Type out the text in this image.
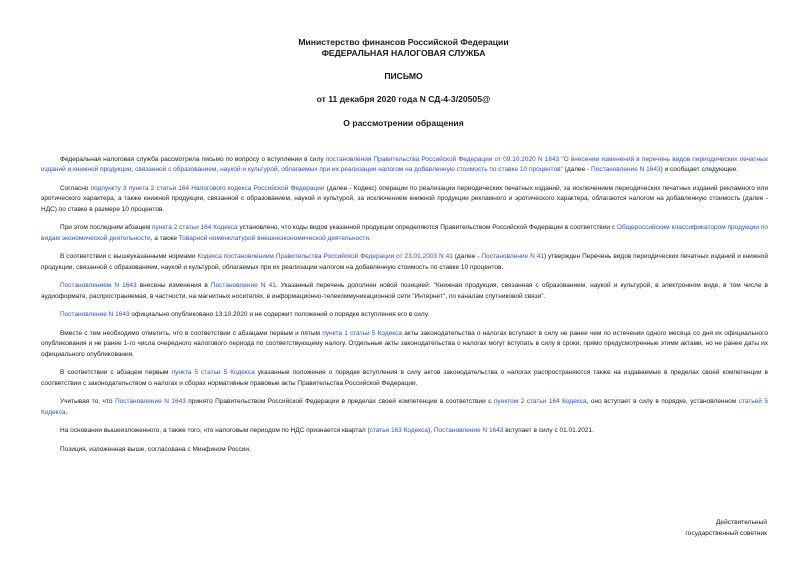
Министерство финансов Российской Федерации
ФЕДЕРАЛЬНАЯ НАЛОГОВАЯ СЛУЖБА
ПИСЬМО
от 11 декабря 2020 года N СД-4-3/20505@
О рассмотрении обращения

Федеральная налоговая служба рассмотрела письмо по вопросу о вступлении в силу постановления Правительства Российской Федерации от 09.10.2020 N 1643 "О внесении изменений в перечень видов периодических печатных изданий и книжной продукции, связанной с образованием, наукой и культурой, облагаемых при их реализации налогом на добавленную стоимость по ставке 10 процентов" (далее - Постановление N 1643) и сообщает следующее.

Согласно подпункту 3 пункта 2 статьи 164 Налогового кодекса Российской Федерации (далее - Кодекс) операции по реализации периодических печатных изданий, за исключением периодических печатных изданий рекламного или эротического характера, а также книжной продукции, связанной с образованием, наукой и культурой, за исключением книжной продукции рекламного и эротического характера, облагаются налогом на добавленную стоимость (далее - НДС) по ставке в размере 10 процентов.

При этом последним абзацем пункта 2 статьи 164 Кодекса установлено, что коды видов указанной продукции определяются Правительством Российской Федерации в соответствии с Общероссийским классификатором продукции по видам экономической деятельности, а также Товарной номенклатурой внешнеэкономической деятельности.

В соответствии с вышеуказанными нормами Кодекса постановлением Правительства Российской Федерации от 23.01.2003 N 41 (далее - Постановление N 41) утвержден Перечень видов периодических печатных изданий и книжной продукции, связанной с образованием, наукой и культурой, облагаемых при их реализации налогом на добавленную стоимость по ставке 10 процентов.

Постановлением N 1643 внесены изменения в Постановление N 41. Указанный перечень дополнен новой позицией: "Книжная продукция, связанная с образованием, наукой и культурой, в электронном виде, в том числе в аудиоформате, распространяемая, в частности, на магнитных носителях, в информационно-телекоммуникационной сети "Интернет", по каналам спутниковой связи".

Постановление N 1643 официально опубликовано 13.10.2020 и не содержит положений о порядке вступления его в силу.

Вместе с тем необходимо отметить, что в соответствии с абзацами первым и пятым пункта 1 статьи 5 Кодекса акты законодательства о налогах вступают в силу не ранее чем по истечении одного месяца со дня их официального опубликования и не ранее 1-го числа очередного налогового периода по соответствующему налогу. Отдельные акты законодательства о налогах могут вступать в силу в сроки, прямо предусмотренные этими актами, но не ранее даты их официального опубликования.

В соответствии с абзацем первым пункта 5 статьи 5 Кодекса указанные положения о порядке вступления в силу актов законодательства о налогах распространяются также на издаваемые в пределах своей компетенции в соответствии с законодательством о налогах и сборах нормативные правовые акты Правительства Российской Федерации.

Учитывая то, что Постановление N 1643 принято Правительством Российской Федерации в пределах своей компетенции в соответствии с пунктом 2 статьи 164 Кодекса, оно вступает в силу в порядке, установленном статьей 5 Кодекса.

На основании вышеизложенного, а также того, что налоговым периодом по НДС признается квартал (статья 163 Кодекса), Постановление N 1643 вступает в силу с 01.01.2021.

Позиция, изложенная выше, согласована с Минфином России.

Действительный
государственный советник
